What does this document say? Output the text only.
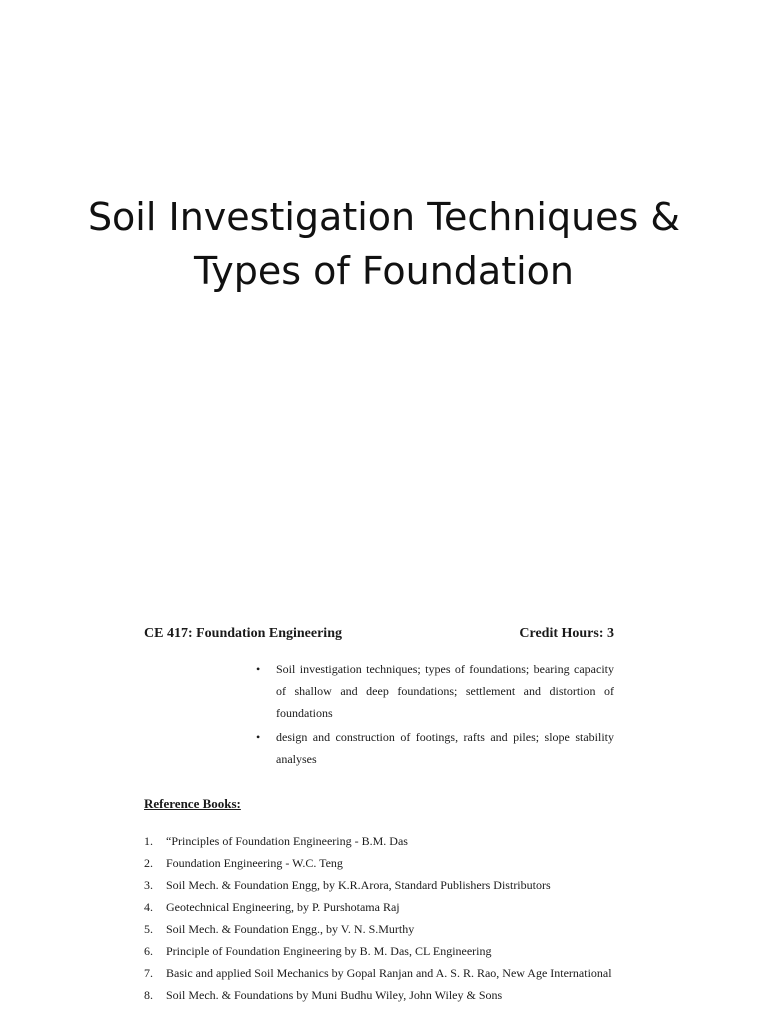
Soil Investigation Techniques &
Types of Foundation
CE 417: Foundation Engineering	Credit Hours: 3
• Soil investigation techniques; types of foundations; bearing capacity of shallow and deep foundations; settlement and distortion of foundations
• design and construction of footings, rafts and piles; slope stability analyses
Reference Books:
1.	“Principles of Foundation Engineering - B.M. Das
2.	Foundation Engineering - W.C. Teng
3.	Soil Mech. & Foundation Engg, by K.R.Arora, Standard Publishers Distributors
4.	Geotechnical Engineering, by P. Purshotama Raj
5.	Soil Mech. & Foundation Engg., by V. N. S.Murthy
6.	Principle of Foundation Engineering by B. M. Das, CL Engineering
7.	Basic and applied Soil Mechanics by Gopal Ranjan and A. S. R. Rao, New Age International
8.	Soil Mech. & Foundations by Muni Budhu Wiley, John Wiley & Sons
